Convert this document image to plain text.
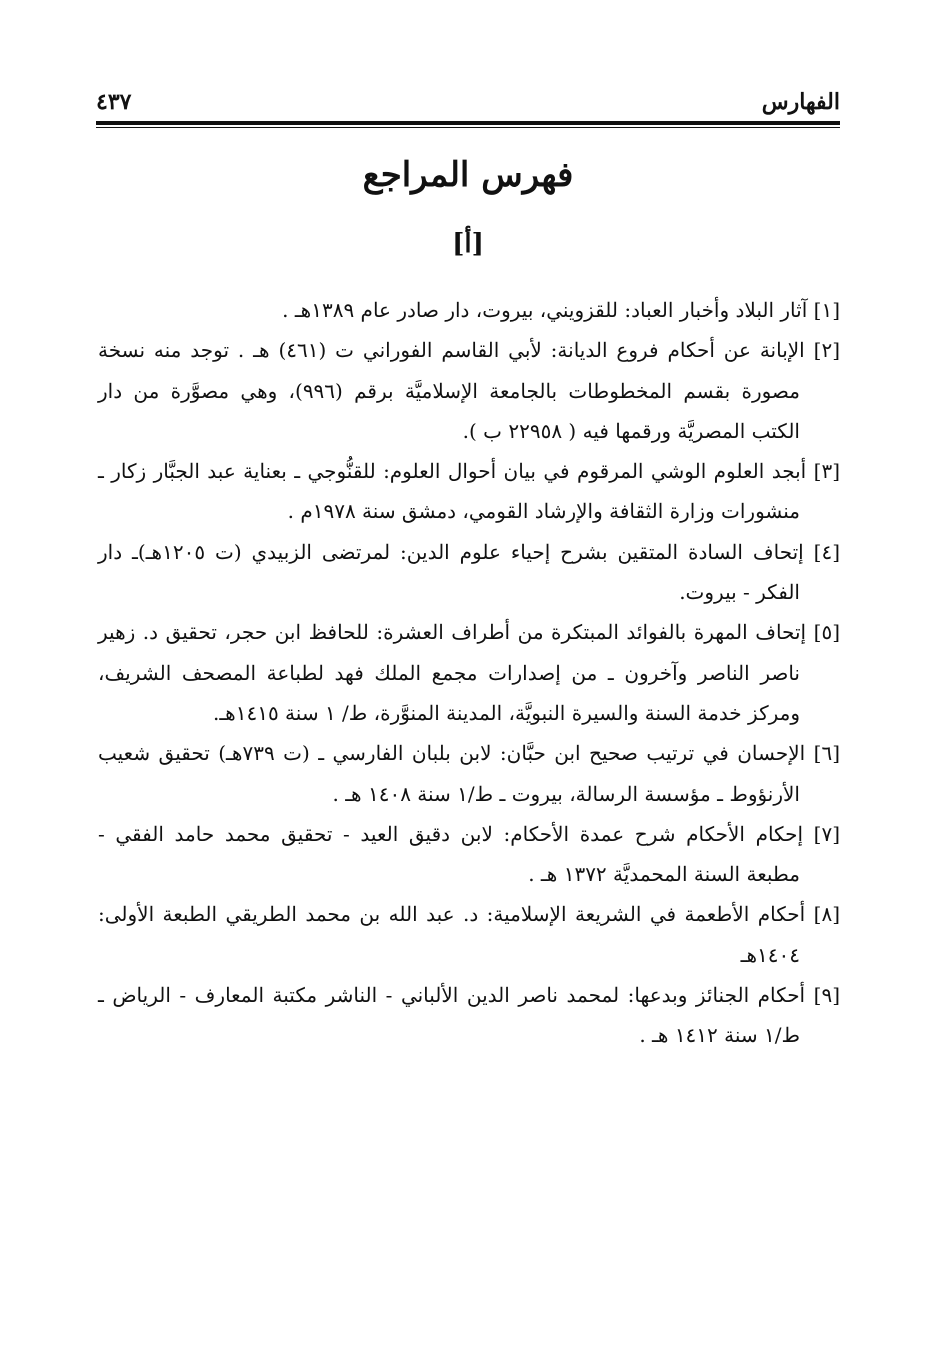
الفهارس
٤٣٧
فهرس المراجع
[أ]

[١] آثار البلاد وأخبار العباد: للقزويني، بيروت، دار صادر عام ١٣٨٩هـ .

[٢] الإبانة عن أحكام فروع الديانة: لأبي القاسم الفوراني ت (٤٦١) هـ . توجد منه نسخة مصورة بقسم المخطوطات بالجامعة الإسلاميَّة برقم (٩٩٦)، وهي مصوَّرة من دار الكتب المصريَّة ورقمها فيه ( ٢٢٩٥٨ ب ).

[٣] أبجد العلوم الوشي المرقوم في بيان أحوال العلوم: للقنُّوجي ـ بعناية عبد الجبَّار زكار ـ منشورات وزارة الثقافة والإرشاد القومي، دمشق سنة ١٩٧٨م .

[٤] إتحاف السادة المتقين بشرح إحياء علوم الدين: لمرتضى الزبيدي (ت ١٢٠٥هـ)ـ دار الفكر - بيروت.

[٥] إتحاف المهرة بالفوائد المبتكرة من أطراف العشرة: للحافظ ابن حجر، تحقيق د. زهير ناصر الناصر وآخرون ـ من إصدارات مجمع الملك فهد لطباعة المصحف الشريف، ومركز خدمة السنة والسيرة النبويَّة، المدينة المنوَّرة، ط/ ١ سنة ١٤١٥هـ.

[٦] الإحسان في ترتيب صحيح ابن حبَّان: لابن بلبان الفارسي ـ (ت ٧٣٩هـ) تحقيق شعيب الأرنؤوط ـ مؤسسة الرسالة، بيروت ـ ط/١ سنة ١٤٠٨ هـ .

[٧] إحكام الأحكام شرح عمدة الأحكام: لابن دقيق العيد - تحقيق محمد حامد الفقي - مطبعة السنة المحمديَّة ١٣٧٢ هـ .

[٨] أحكام الأطعمة في الشريعة الإسلامية: د. عبد الله بن محمد الطريقي الطبعة الأولى: ١٤٠٤هـ

[٩] أحكام الجنائز وبدعها: لمحمد ناصر الدين الألباني - الناشر مكتبة المعارف - الرياض ـ ط/١ سنة ١٤١٢ هـ .
